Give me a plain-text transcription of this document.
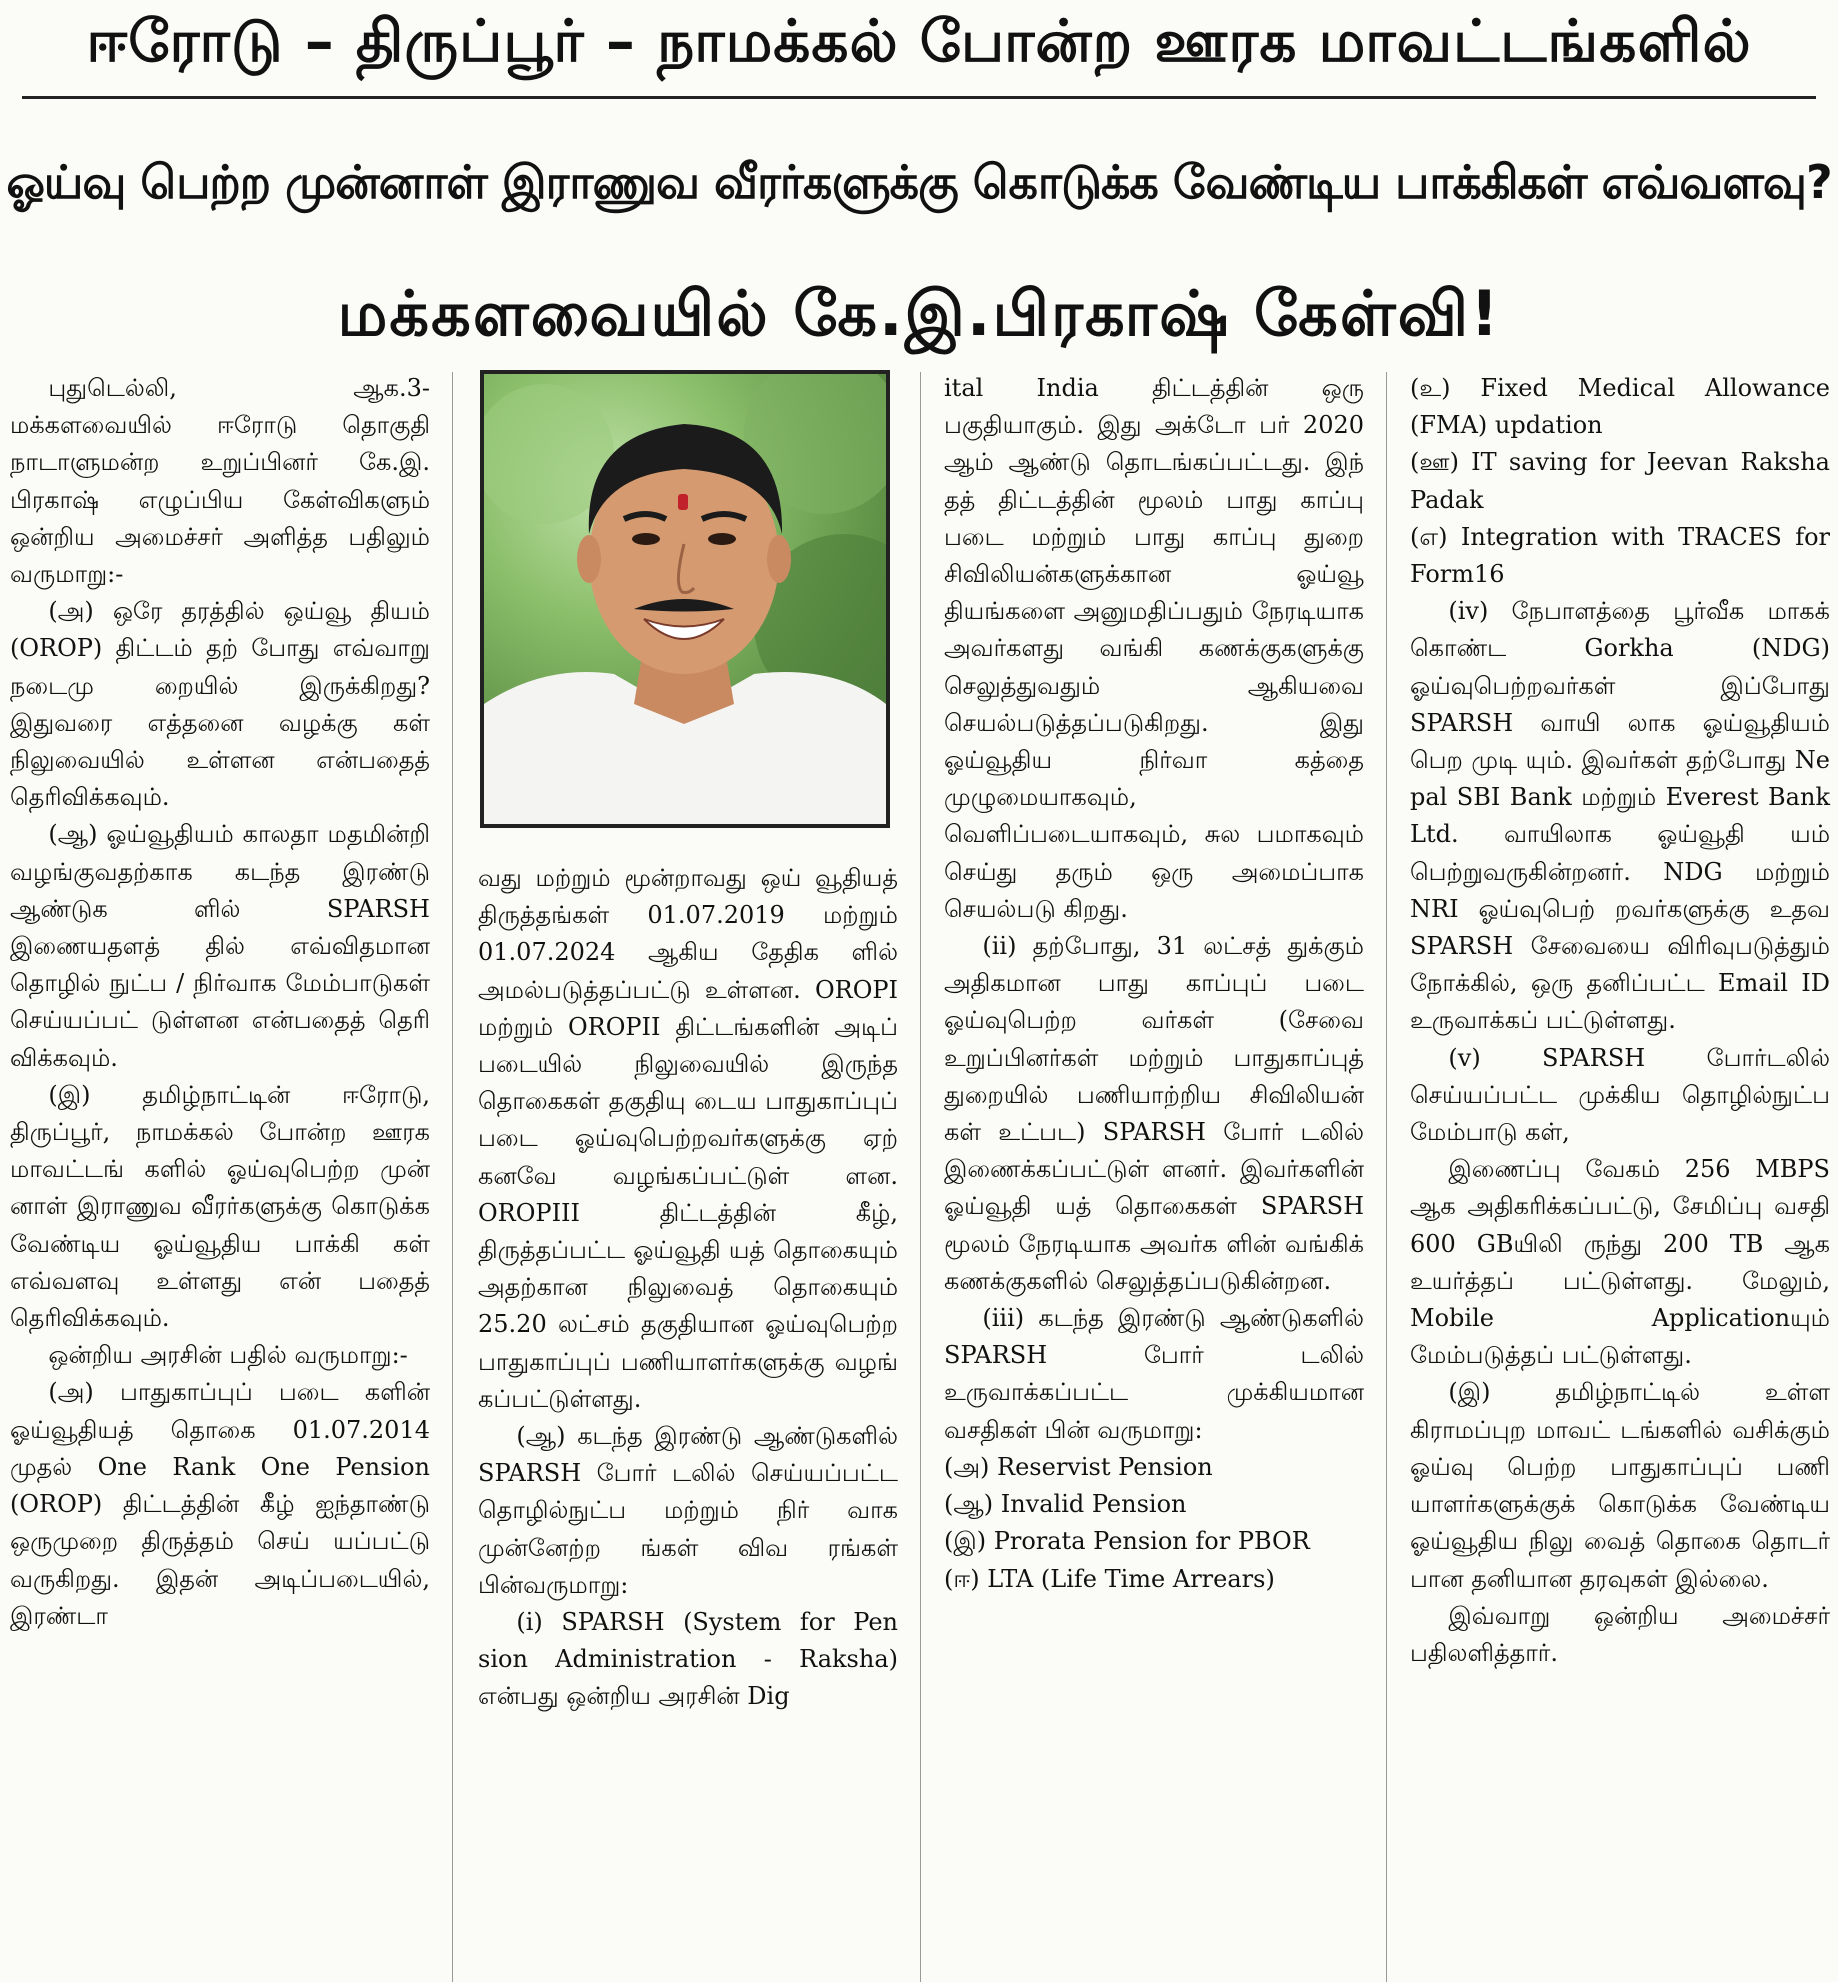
ஈரோடு – திருப்பூர் – நாமக்கல் போன்ற ஊரக மாவட்டங்களில்
ஓய்வு பெற்ற முன்னாள் இராணுவ வீரர்களுக்கு கொடுக்க வேண்டிய பாக்கிகள் எவ்வளவு?
மக்களவையில் கே.இ.பிரகாஷ் கேள்வி!

புதுடெல்லி, ஆக.3- மக்களவையில் ஈரோடு தொகுதி நாடாளுமன்ற உறுப்பினர் கே.இ. பிரகாஷ் எழுப்பிய கேள்விகளும் ஒன்றிய அமைச்சர் அளித்த பதிலும் வருமாறு:-

(அ) ஒரே தரத்தில் ஒய்வூ தியம் (OROP) திட்டம் தற் போது எவ்வாறு நடைமு றையில் இருக்கிறது? இதுவரை எத்தனை வழக்கு கள் நிலுவையில் உள்ளன என்பதைத் தெரிவிக்கவும்.

(ஆ) ஓய்வூதியம் காலதா மதமின்றி வழங்குவதற்காக கடந்த இரண்டு ஆண்டுக ளில் SPARSH இணையதளத் தில் எவ்விதமான தொழில் நுட்ப / நிர்வாக மேம்பாடுகள் செய்யப்பட் டுள்ளன என்பதைத் தெரி விக்கவும்.

(இ) தமிழ்நாட்டின் ஈரோடு, திருப்பூர், நாமக்கல் போன்ற ஊரக மாவட்டங் களில் ஓய்வுபெற்ற முன் னாள் இராணுவ வீரர்களுக்கு கொடுக்க வேண்டிய ஓய்வூதிய பாக்கி கள் எவ்வளவு உள்ளது என் பதைத் தெரிவிக்கவும்.

ஒன்றிய அரசின் பதில் வருமாறு:-

(அ) பாதுகாப்புப் படை களின் ஓய்வூதியத் தொகை 01.07.2014 முதல் One Rank One Pension (OROP) திட்டத்தின் கீழ் ஐந்தாண்டு ஒருமுறை திருத்தம் செய் யப்பட்டு வருகிறது. இதன் அடிப்படையில், இரண்டா

வது மற்றும் மூன்றாவது ஒய் வூதியத் திருத்தங்கள் 01.07.2019 மற்றும் 01.07.2024 ஆகிய தேதிக ளில் அமல்படுத்தப்பட்டு உள்ளன. OROPI மற்றும் OROPII திட்டங்களின் அடிப் படையில் நிலுவையில் இருந்த தொகைகள் தகுதியு டைய பாதுகாப்புப் படை ஓய்வுபெற்றவர்களுக்கு ஏற் கனவே வழங்கப்பட்டுள் ளன. OROPIII திட்டத்தின் கீழ், திருத்தப்பட்ட ஓய்வூதி யத் தொகையும் அதற்கான நிலுவைத் தொகையும் 25.20 லட்சம் தகுதியான ஓய்வுபெற்ற பாதுகாப்புப் பணியாளர்களுக்கு வழங் கப்பட்டுள்ளது.

(ஆ) கடந்த இரண்டு ஆண்டுகளில் SPARSH போர் டலில் செய்யப்பட்ட தொழில்நுட்ப மற்றும் நிர் வாக முன்னேற்ற ங்கள் விவ ரங்கள் பின்வருமாறு:

(i) SPARSH (System for Pen sion Administration - Raksha) என்பது ஒன்றிய அரசின் Dig

ital India திட்டத்தின் ஒரு பகுதியாகும். இது அக்டோ பர் 2020 ஆம் ஆண்டு தொடங்கப்பட்டது. இந் தத் திட்டத்தின் மூலம் பாது காப்பு படை மற்றும் பாது காப்பு துறை சிவிலியன்களுக்கான ஓய்வூ தியங்களை அனுமதிப்பதும் நேரடியாக அவர்களது வங்கி கணக்குகளுக்கு செலுத்துவதும் ஆகியவை செயல்படுத்தப்படுகிறது. இது ஓய்வூதிய நிர்வா கத்தை முழுமையாகவும், வெளிப்படையாகவும், சுல பமாகவும் செய்து தரும் ஒரு அமைப்பாக செயல்படு கிறது.

(ii) தற்போது, 31 லட்சத் துக்கும் அதிகமான பாது காப்புப் படை ஓய்வுபெற்ற வர்கள் (சேவை உறுப்பினர்கள் மற்றும் பாதுகாப்புத் துறையில் பணியாற்றிய சிவிலியன் கள் உட்பட) SPARSH போர் டலில் இணைக்கப்பட்டுள் ளனர். இவர்களின் ஓய்வூதி யத் தொகைகள் SPARSH மூலம் நேரடியாக அவர்க ளின் வங்கிக் கணக்குகளில் செலுத்தப்படுகின்றன.

(iii) கடந்த இரண்டு ஆண்டுகளில் SPARSH போர் டலில் உருவாக்கப்பட்ட முக்கியமான வசதிகள் பின் வருமாறு:

(அ) Reservist Pension

(ஆ) Invalid Pension

(இ) Prorata Pension for PBOR

(ஈ) LTA (Life Time Arrears)

(உ) Fixed Medical Allowance (FMA) updation

(ஊ) IT saving for Jeevan Raksha Padak

(எ) Integration with TRACES for Form16

(iv) நேபாளத்தை பூர்வீக மாகக் கொண்ட Gorkha (NDG) ஓய்வுபெற்றவர்கள் இப்போது SPARSH வாயி லாக ஓய்வூதியம் பெற முடி யும். இவர்கள் தற்போது Ne pal SBI Bank மற்றும் Everest Bank Ltd. வாயிலாக ஓய்வூதி யம் பெற்றுவருகின்றனர். NDG மற்றும் NRI ஓய்வுபெற் றவர்களுக்கு உதவ SPARSH சேவையை விரிவுபடுத்தும் நோக்கில், ஒரு தனிப்பட்ட Email ID உருவாக்கப் பட்டுள்ளது.

(v) SPARSH போர்டலில் செய்யப்பட்ட முக்கிய தொழில்நுட்ப மேம்பாடு கள்,

இணைப்பு வேகம் 256 MBPS ஆக அதிகரிக்கப்பட்டு, சேமிப்பு வசதி 600 GBயிலி ருந்து 200 TB ஆக உயர்த்தப் பட்டுள்ளது. மேலும், Mobile Applicationயும் மேம்படுத்தப் பட்டுள்ளது.

(இ) தமிழ்நாட்டில் உள்ள கிராமப்புற மாவட் டங்களில் வசிக்கும் ஓய்வு பெற்ற பாதுகாப்புப் பணி யாளர்களுக்குக் கொடுக்க வேண்டிய ஓய்வூதிய நிலு வைத் தொகை தொடர் பான தனியான தரவுகள் இல்லை.

இவ்வாறு ஒன்றிய அமைச்சர் பதிலளித்தார்.
